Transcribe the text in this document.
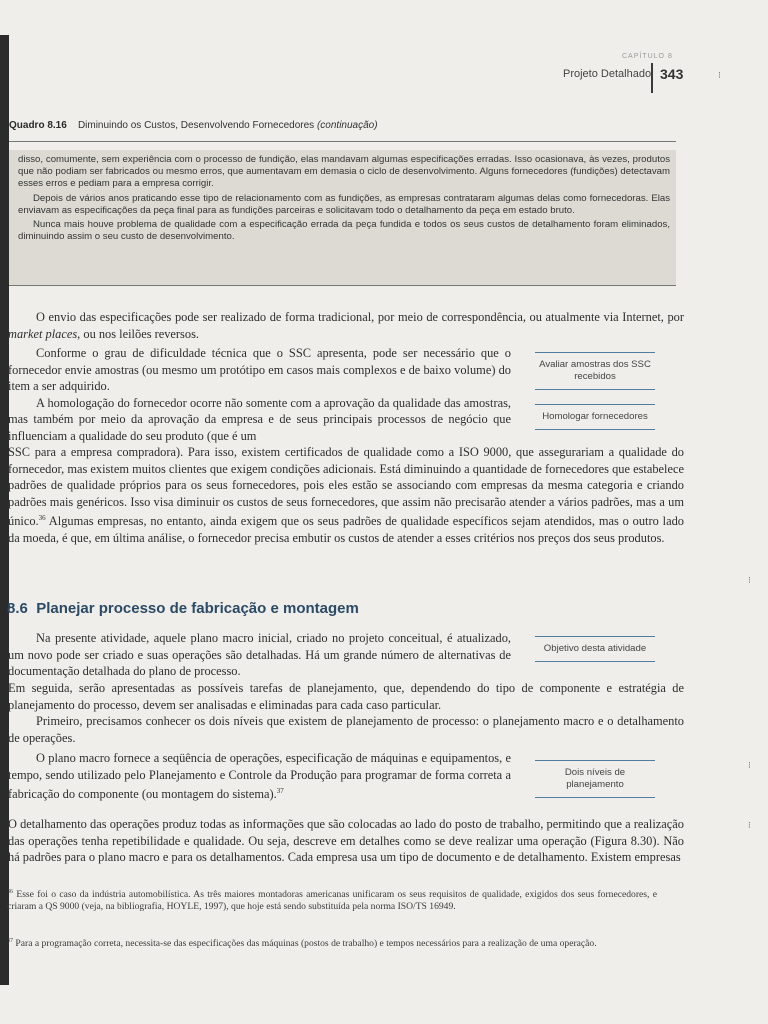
CAPÍTULO 8
Projeto Detalhado 343	⁝
Quadro 8.16 Diminuindo os Custos, Desenvolvendo Fornecedores (continuação)

disso, comumente, sem experiência com o processo de fundição, elas mandavam algumas especificações erradas. Isso ocasionava, às vezes, produtos que não podiam ser fabricados ou mesmo erros, que aumentavam em demasia o ciclo de desenvolvimento. Alguns fornecedores (fundições) detectavam esses erros e pediam para a empresa corrigir.

Depois de vários anos praticando esse tipo de relacionamento com as fundições, as empresas contrataram algumas delas como fornecedoras. Elas enviavam as especificações da peça final para as fundições parceiras e solicitavam todo o detalhamento da peça em estado bruto.

Nunca mais houve problema de qualidade com a especificação errada da peça fundida e todos os seus custos de detalhamento foram eliminados, diminuindo assim o seu custo de desenvolvimento.

O envio das especificações pode ser realizado de forma tradicional, por meio de correspondência, ou atualmente via Internet, por market places, ou nos leilões reversos.

Conforme o grau de dificuldade técnica que o SSC apresenta, pode ser necessário que o fornecedor envie amostras (ou mesmo um protótipo em casos mais complexos e de baixo volume) do item a ser adquirido.

A homologação do fornecedor ocorre não somente com a aprovação da qualidade das amostras, mas também por meio da aprovação da empresa e de seus principais processos de negócio que influenciam a qualidade do seu produto (que é um

SSC para a empresa compradora). Para isso, existem certificados de qualidade como a ISO 9000, que assegurariam a qualidade do fornecedor, mas existem muitos clientes que exigem condições adicionais. Está diminuindo a quantidade de fornecedores que estabelece padrões de qualidade próprios para os seus fornecedores, pois eles estão se associando com empresas da mesma categoria e criando padrões mais genéricos. Isso visa diminuir os custos de seus fornecedores, que assim não precisarão atender a vários padrões, mas a um único.$^{36}$ Algumas empresas, no entanto, ainda exigem que os seus padrões de qualidade específicos sejam atendidos, mas o outro lado da moeda, é que, em última análise, o fornecedor precisa embutir os custos de atender a esses critérios nos preços dos seus produtos.

Avaliar amostras dos SSC recebidos
Homologar fornecedores
8.6 Planejar processo de fabricação e montagem

Na presente atividade, aquele plano macro inicial, criado no projeto conceitual, é atualizado, um novo pode ser criado e suas operações são detalhadas. Há um grande número de alternativas de documentação detalhada do plano de processo.

Em seguida, serão apresentadas as possíveis tarefas de planejamento, que, dependendo do tipo de componente e estratégia de planejamento do processo, devem ser analisadas e eliminadas para cada caso particular.

Primeiro, precisamos conhecer os dois níveis que existem de planejamento de processo: o planejamento macro e o detalhamento de operações.

O plano macro fornece a seqüência de operações, especificação de máquinas e equipamentos, e tempo, sendo utilizado pelo Planejamento e Controle da Produção para programar de forma correta a fabricação do componente (ou montagem do sistema).$^{37}$

O detalhamento das operações produz todas as informações que são colocadas ao lado do posto de trabalho, permitindo que a realização das operações tenha repetibilidade e qualidade. Ou seja, descreve em detalhes como se deve realizar uma operação (Figura 8.30). Não há padrões para o plano macro e para os detalhamentos. Cada empresa usa um tipo de documento e de detalhamento. Existem empresas

Objetivo desta atividade
Dois níveis de planejamento
⁝
⁝
⁝
$^{36}$ Esse foi o caso da indústria automobilística. As três maiores montadoras americanas unificaram os seus requisitos de qualidade, exigidos dos seus fornecedores, e criaram a QS 9000 (veja, na bibliografia, HOYLE, 1997), que hoje está sendo substituída pela norma ISO/TS 16949.
$^{37}$ Para a programação correta, necessita-se das especificações das máquinas (postos de trabalho) e tempos necessários para a realização de uma operação.
